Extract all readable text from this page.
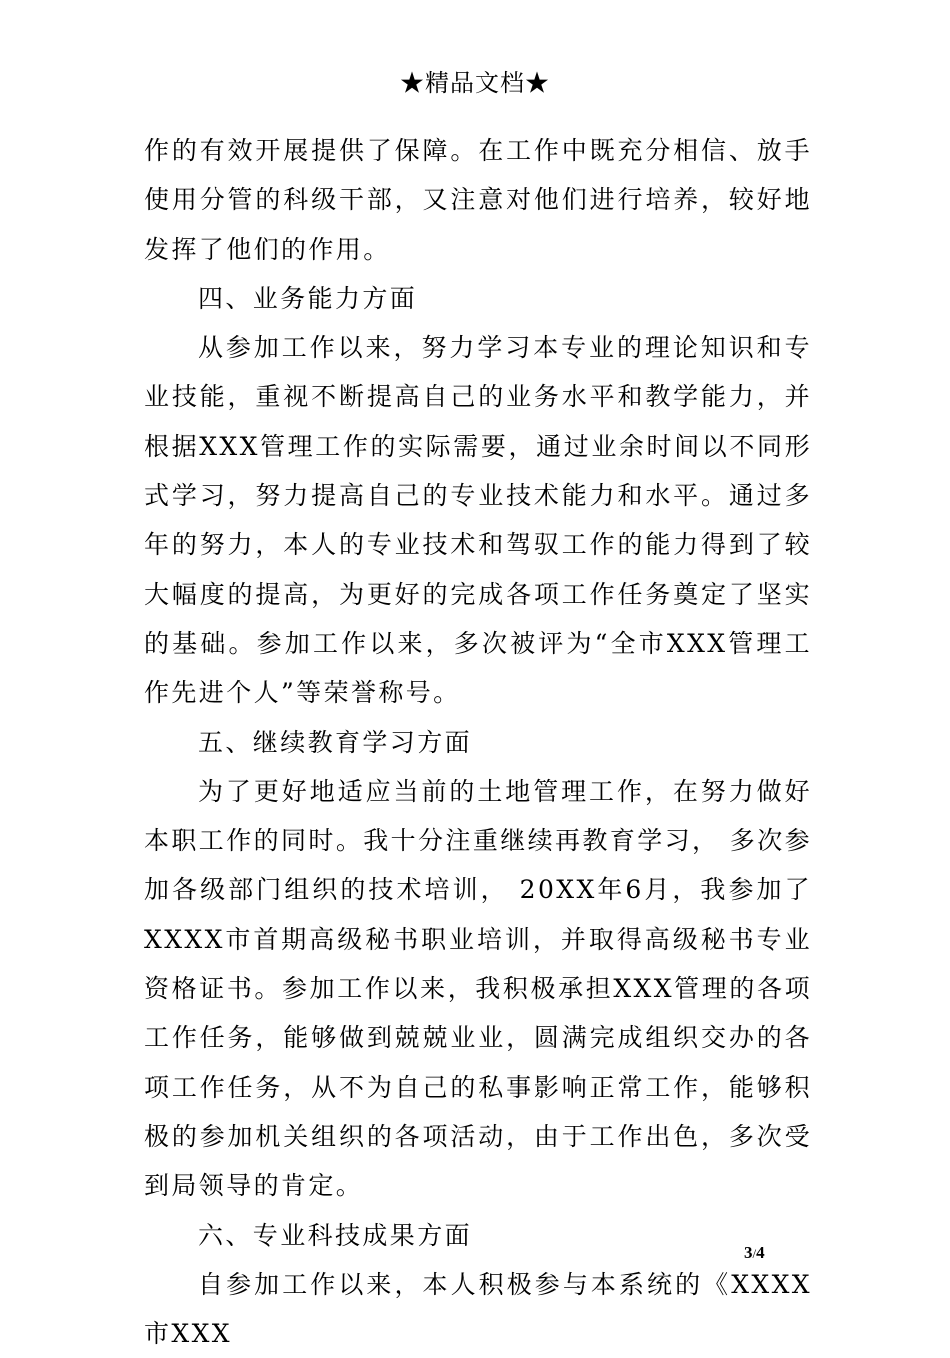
★精品文档★

作的有效开展提供了保障。在工作中既充分相信、放手使用分管的科级干部，又注意对他们进行培养，较好地发挥了他们的作用。

四、业务能力方面

从参加工作以来，努力学习本专业的理论知识和专业技能，重视不断提高自己的业务水平和教学能力，并根据XXX管理工作的实际需要，通过业余时间以不同形式学习，努力提高自己的专业技术能力和水平。通过多年的努力，本人的专业技术和驾驭工作的能力得到了较大幅度的提高，为更好的完成各项工作任务奠定了坚实的基础。参加工作以来，多次被评为“全市XXX管理工作先进个人”等荣誉称号。

五、继续教育学习方面

为了更好地适应当前的土地管理工作，在努力做好本职工作的同时。我十分注重继续再教育学习， 多次参加各级部门组织的技术培训， 20XX年6月，我参加了XXXX市首期高级秘书职业培训，并取得高级秘书专业资格证书。参加工作以来，我积极承担XXX管理的各项工作任务，能够做到兢兢业业，圆满完成组织交办的各项工作任务，从不为自己的私事影响正常工作，能够积极的参加机关组织的各项活动，由于工作出色，多次受到局领导的肯定。

六、专业科技成果方面

自参加工作以来，本人积极参与本系统的《XXXX市XXX

3/4
